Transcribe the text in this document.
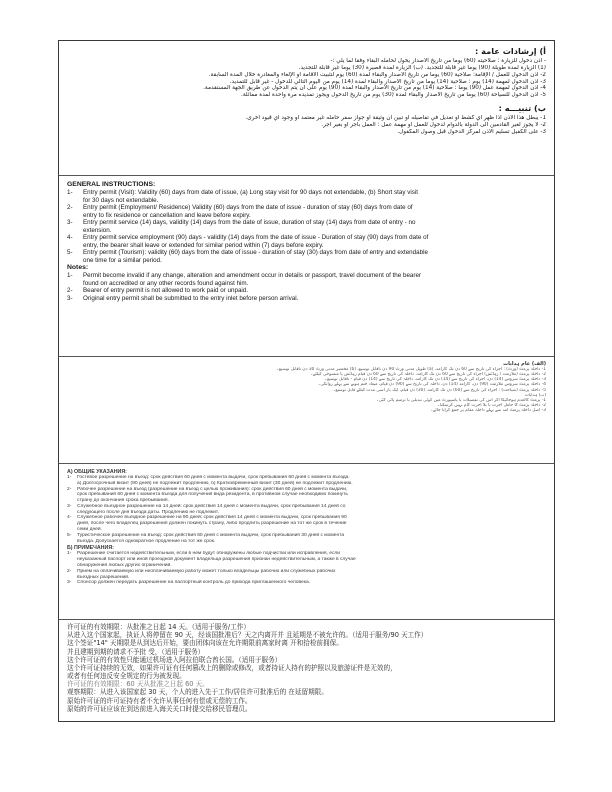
أ) إرشادات عامة :
- أذن دخول للزيارة : صلاحيته (60) يوماً من تاريخ الاصدار يخول لحامله البقاء وفقاً لما يلي :-
(1) الزيارة لمدة طويلة (90) يوماً غير قابلة للتجديد. (ب) الزيارة لمدة قصيرة (30) يوماً غير قابلة للتجديد.
2- اذن الدخول للعمل / الإقامة: صلاحية (60) يوماً من تاريخ الاصدار والبقاء لمدة (60) يوم لتثبيت الاقامة أو الإلغاء والمغادرة خلال المدة السابقة.
3- اذن الدخول لمهمة (14) يوم : صلاحية (14) يوماً من تاريخ الاصدار والبقاء لمدة (14) يوم من اليوم التالي للدخول - غير قابل للتمديد.
4- اذن الدخول لمهمة عمل (90) يوماً : صلاحية (14) يوم من تاريخ الاصدار والبقاء لمدة (90) يوم على ان يتم الدخول عن طريق الجهة المستقدمة.
5- اذن الدخول للسياحة (60) يوماً من تاريخ الاصدار والبقاء لمدة (30) يوم من تاريخ الدخول ويجوز تمديده مرة واحدة لمدة مماثلة.
ب) تنبيـــه :
1- يبطل هذا الاذن اذا ظهر أي كشط أو تعديل في تفاصيله أو تبين أن وثيقة أو جواز سفر حامله غير معتمد أو وجود أي قيود أخرى.
2- لا يجوز لغير القادمين الى الدولة بالدوام لدخول للعمل أو مهمة عمل : العمل بأجر أو بغير أجر.
3- على الكفيل تسليم الاذن لمركز الدخول قبل وصول المكفول.
GENERAL INSTRUCTIONS:
1-	Entry permit (Visit): Validity (60) days from date of issue, (a) Long stay visit for 90 days not extendable, (b) Short stay visit
for 30 days not extendable.
2-	Entry permit (Employment/ Residence) Validity (60) days from the date of issue - duration of stay (60) days from date of
entry to fix residence or cancellation and leave before expiry.
3-	Entry permit service (14) days, validity (14) days from the date of issue, duration of stay (14) days from date of entry - no
extension.
4-	Entry permit service employment (90) days - validity (14) days from the date of issue - Duration of stay (90) days from date of
entry, the bearer shall leave or extended for similar period within (7) days before expiry.
5-	Entry permit (Tourism): validity (60) days from the date of issue - duration of stay (30) days from date of entry and extendable
one time for a similar period.
Notes:
1-	Permit become invalid if any change, alteration and amendment occur in details or passport, travel document of the bearer
found on accredited or any other records found against him.
2-	Bearer of entry permit is not allowed to work paid or unpaid.
3-	Original entry permit shall be submitted to the entry inlet before person arrival.
(الف) عام ہدایات
1- داخلہ پرمٹ (وزٹ) : اجراء کی تاریخ سے 60 دن تک کارآمد، (a) طویل مدتی وزٹ 90 دن ناقابل توسیع، (b) مختصر مدتی وزٹ 30 دن ناقابل توسیع۔
2- داخلہ پرمٹ (ملازمت / رہائش) اجراء کی تاریخ سے 60 دن تک کارآمد، داخلہ کی تاریخ سے 60 دن قیام رہائش یا منسوخی کیلئے۔
3- داخلہ پرمٹ سروس (14) دن، اجراء کی تاریخ سے (14) دن تک کارآمد، داخلہ کی تاریخ سے (14) دن قیام - ناقابل توسیع۔
4- داخلہ پرمٹ سروس ملازمت (90) دن، کارآمد (14) دن، داخلہ کی تاریخ سے (90) دن قیام، میعاد ختم ہونے سے پہلے روانگی۔
5- داخلہ پرمٹ (سیاحت) : اجراء کی تاریخ سے (60) دن تک کارآمد، (30) دن قیام، ایک بار اسی مدت کیلئے قابل توسیع۔
(ب) ہدایات
1- پرمٹ کالعدم ہوجائیگا اگر اس کی تفصیلات یا پاسپورٹ میں کوئی تبدیلی یا ترمیم پائی گئی۔
2- داخلہ پرمٹ کا حامل اجرت یا بلا اجرت کام نہیں کرسکتا۔
3- اصل داخلہ پرمٹ آمد سے پہلے داخلہ مقام پر جمع کرایا جائے۔
A) ОБЩИЕ УКАЗАНИЯ:
1-	Гостевое разрешение на въезд: срок действия 60 дней с момента выдачи, срок пребывания 60 дней с момента въезда.
а) Долгосрочный визит (90 дней) не подлежит продлению, б) Кратковременный визит (30 дней) не подлежит продлению.
2-	Рабочее разрешение на въезд (разрешение на въезд с целью проживания): срок действия 60 дней с момента выдачи,
срок пребывания 60 дней с момента въезда для получения вида резидента, в противном случае необходимо покинуть
страну до окончания срока пребывания.
3-	Служебное въездное разрешение на 14 дней: срок действия 14 дней с момента выдачи, срок пребывания 14 дней со
следующего после дня въезда даты. Продлению не подлежит.
4-	Служебное рабочее въездное разрешение на 90 дней: срок действия 14 дней с момента выдачи, срок пребывания 90
дней, после чего владелец разрешения должен покинуть страну, либо продлить разрешение на тот же срок в течение
семи дней.
5-	Туристическое разрешение на въезд: срок действия 60 дней с момента выдачи, срок пребывания 30 дней с момента
въезда. Допускается однократное продление на тот же срок.
Б) ПРИМЕЧАНИЯ:
1-	Разрешение считается недействительным, если в нем будут обнаружены любые подчистки или исправления, если
неуказанный паспорт или иной проездной документ владельца разрешения признан недействительным, а также в случае
обнаружения любых других ограничений.
2-	Прием на оплачиваемую или неоплачиваемую работу может только владельцы рабочих или служебных рабочих
въездных разрешений.
3-	Спонсор должен передать разрешение на паспортный контроль до прихода приглашенного человека.
许可证的有效期限：从批准之日起 14 天。（适用于服务/工作）
从进入这个国家起，执证人将停留在 90 天，经该国批准后？天之内离开并 且延期是不被允许的。（适用于服务/90 天工作）
这个签证"14" 天期限是从到达后开始，要由团体向该在允许期限前离家时离 开和拾检前拥保。
并且建期到期的请求不予批 受，（适用于服务）
这个许可证的有效性只能通过机场进入阿拉伯联合酋长国。（适用于服务）
这个许可证持续的无效，如果许可证有任何篡改上的删除或修改，或者持证人持有的护照以及旅游证件是无效的，
或者有任何违反安全规定的行为被发现。
许可证的有效期限：60 天从批准之日起 60 天。
观察期限：从进入该国家起 30 天，个人的进入先于工作/居住许可批准后的 在延留期限。
原始许可证的许可证持有者不允许从事任何有偿或无偿的工作。
原始的许可证应该在到达前进入海关关口时提交给移民管理员。
